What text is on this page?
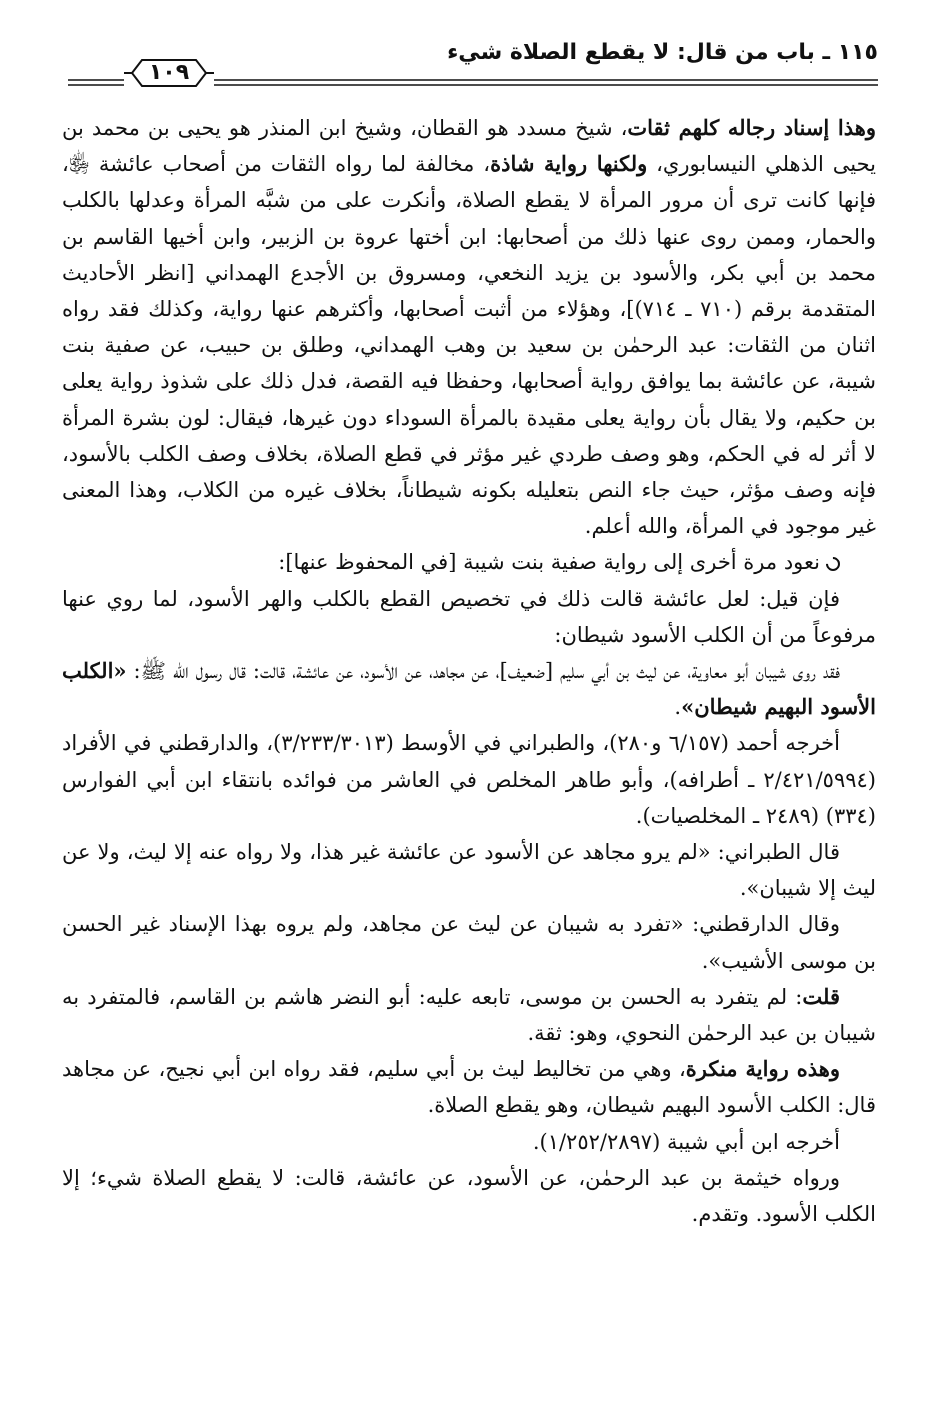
١١٥ ـ باب من قال: لا يقطع الصلاة شيء
١٠٩

وهذا إسناد رجاله كلهم ثقات، شيخ مسدد هو القطان، وشيخ ابن المنذر هو يحيى بن محمد بن يحيى الذهلي النيسابوري، ولكنها رواية شاذة، مخالفة لما رواه الثقات من أصحاب عائشة ﵂، فإنها كانت ترى أن مرور المرأة لا يقطع الصلاة، وأنكرت على من شبَّه المرأة وعدلها بالكلب والحمار، وممن روى عنها ذلك من أصحابها: ابن أختها عروة بن الزبير، وابن أخيها القاسم بن محمد بن أبي بكر، والأسود بن يزيد النخعي، ومسروق بن الأجدع الهمداني [انظر الأحاديث المتقدمة برقم (٧١٠ ـ ٧١٤)]، وهؤلاء من أثبت أصحابها، وأكثرهم عنها رواية، وكذلك فقد رواه اثنان من الثقات: عبد الرحمٰن بن سعيد بن وهب الهمداني، وطلق بن حبيب، عن صفية بنت شيبة، عن عائشة بما يوافق رواية أصحابها، وحفظا فيه القصة، فدل ذلك على شذوذ رواية يعلى بن حكيم، ولا يقال بأن رواية يعلى مقيدة بالمرأة السوداء دون غيرها، فيقال: لون بشرة المرأة لا أثر له في الحكم، وهو وصف طردي غير مؤثر في قطع الصلاة، بخلاف وصف الكلب بالأسود، فإنه وصف مؤثر، حيث جاء النص بتعليله بكونه شيطاناً، بخلاف غيره من الكلاب، وهذا المعنى غير موجود في المرأة، والله أعلم.

نعود مرة أخرى إلى رواية صفية بنت شيبة [في المحفوظ عنها]:

فإن قيل: لعل عائشة قالت ذلك في تخصيص القطع بالكلب والهر الأسود، لما روي عنها مرفوعاً من أن الكلب الأسود شيطان:

فقد روى شيبان أبو معاوية، عن ليث بن أبي سليم [ضعيف]، عن مجاهد، عن الأسود، عن عائشة، قالت: قال رسول الله ﷺ: «الكلب الأسود البهيم شيطان».

أخرجه أحمد (٦/١٥٧ و٢٨٠)، والطبراني في الأوسط (٣/٢٣٣/٣٠١٣)، والدارقطني في الأفراد (٢/٤٢١/٥٩٩٤ ـ أطرافه)، وأبو طاهر المخلص في العاشر من فوائده بانتقاء ابن أبي الفوارس (٣٣٤) (٢٤٨٩ ـ المخلصيات).

قال الطبراني: «لم يرو مجاهد عن الأسود عن عائشة غير هذا، ولا رواه عنه إلا ليث، ولا عن ليث إلا شيبان».

وقال الدارقطني: «تفرد به شيبان عن ليث عن مجاهد، ولم يروه بهذا الإسناد غير الحسن بن موسى الأشيب».

قلت: لم يتفرد به الحسن بن موسى، تابعه عليه: أبو النضر هاشم بن القاسم، فالمتفرد به شيبان بن عبد الرحمٰن النحوي، وهو: ثقة.

وهذه رواية منكرة، وهي من تخاليط ليث بن أبي سليم، فقد رواه ابن أبي نجيح، عن مجاهد قال: الكلب الأسود البهيم شيطان، وهو يقطع الصلاة.

أخرجه ابن أبي شيبة (١/٢٥٢/٢٨٩٧).

ورواه خيثمة بن عبد الرحمٰن، عن الأسود، عن عائشة، قالت: لا يقطع الصلاة شيء؛ إلا الكلب الأسود. وتقدم.
